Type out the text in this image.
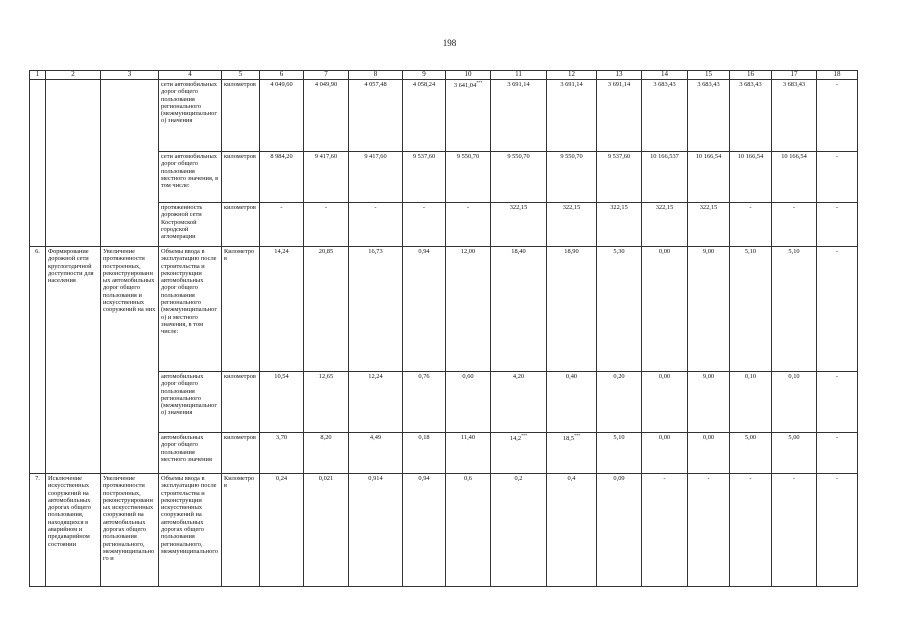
198
1	2	3	4	5	6	7	8	9	10	11	12	13	14	15	16	17	18
			сети автомобильных дорог общего пользования регионального (межмуниципального) значения	километров	4 049,60	4 049,90	4 057,48	4 058,24	3 641,04***	3 691,14	3 691,14	3 691,14	3 683,43	3 683,43	3 683,43	3 683,43	-
			сети автомобильных дорог общего пользования местного значения, в том числе:	километров	8 984,20	9 417,60	9 417,60	9 537,60	9 550,70	9 550,70	9 550,70	9 537,60	10 166,537	10 166,54	10 166,54	10 166,54	-
			протяженность дорожной сети Костромской городской агломерации	километров	-	-	-	-	-	322,15	322,15	322,15	322,15	322,15	-	-	-
6.	Формирование дорожной сети круглогодичной доступности для населения	Увеличение протяженности построенных, реконструированных автомобильных дорог общего пользования и искусственных сооружений на них	Объемы ввода в эксплуатацию после строительства и реконструкции автомобильных дорог общего пользования регионального (межмуниципального) и местного значения, в том числе:	Километров	14,24	20,85	16,73	0,94	12,00	18,40	18,90	5,30	0,00	9,00	5,10	5,10	-
			автомобильных дорог общего пользования регионального (межмуниципального) значения	километров	10,54	12,65	12,24	0,76	0,60	4,20	0,40	0,20	0,00	9,00	0,10	0,10	-
			автомобильных дорог общего пользования местного значения	километров	3,70	8,20	4,49	0,18	11,40	14,2***	18,5***	5,10	0,00	0,00	5,00	5,00	-
7.	Исключение искусственных сооружений на автомобильных дорогах общего пользования, находящихся в аварийном и предаварийном состоянии	Увеличение протяженности построенных, реконструированных искусственных сооружений на автомобильных дорогах общего пользования регионального, межмуниципального и	Объемы ввода в эксплуатацию после строительства и реконструкции искусственных сооружений на автомобильных дорогах общего пользования регионального, межмуниципального	Километров	0,24	0,021	0,914	0,94	0,6	0,2	0,4	0,09	-	-	-	-	-
